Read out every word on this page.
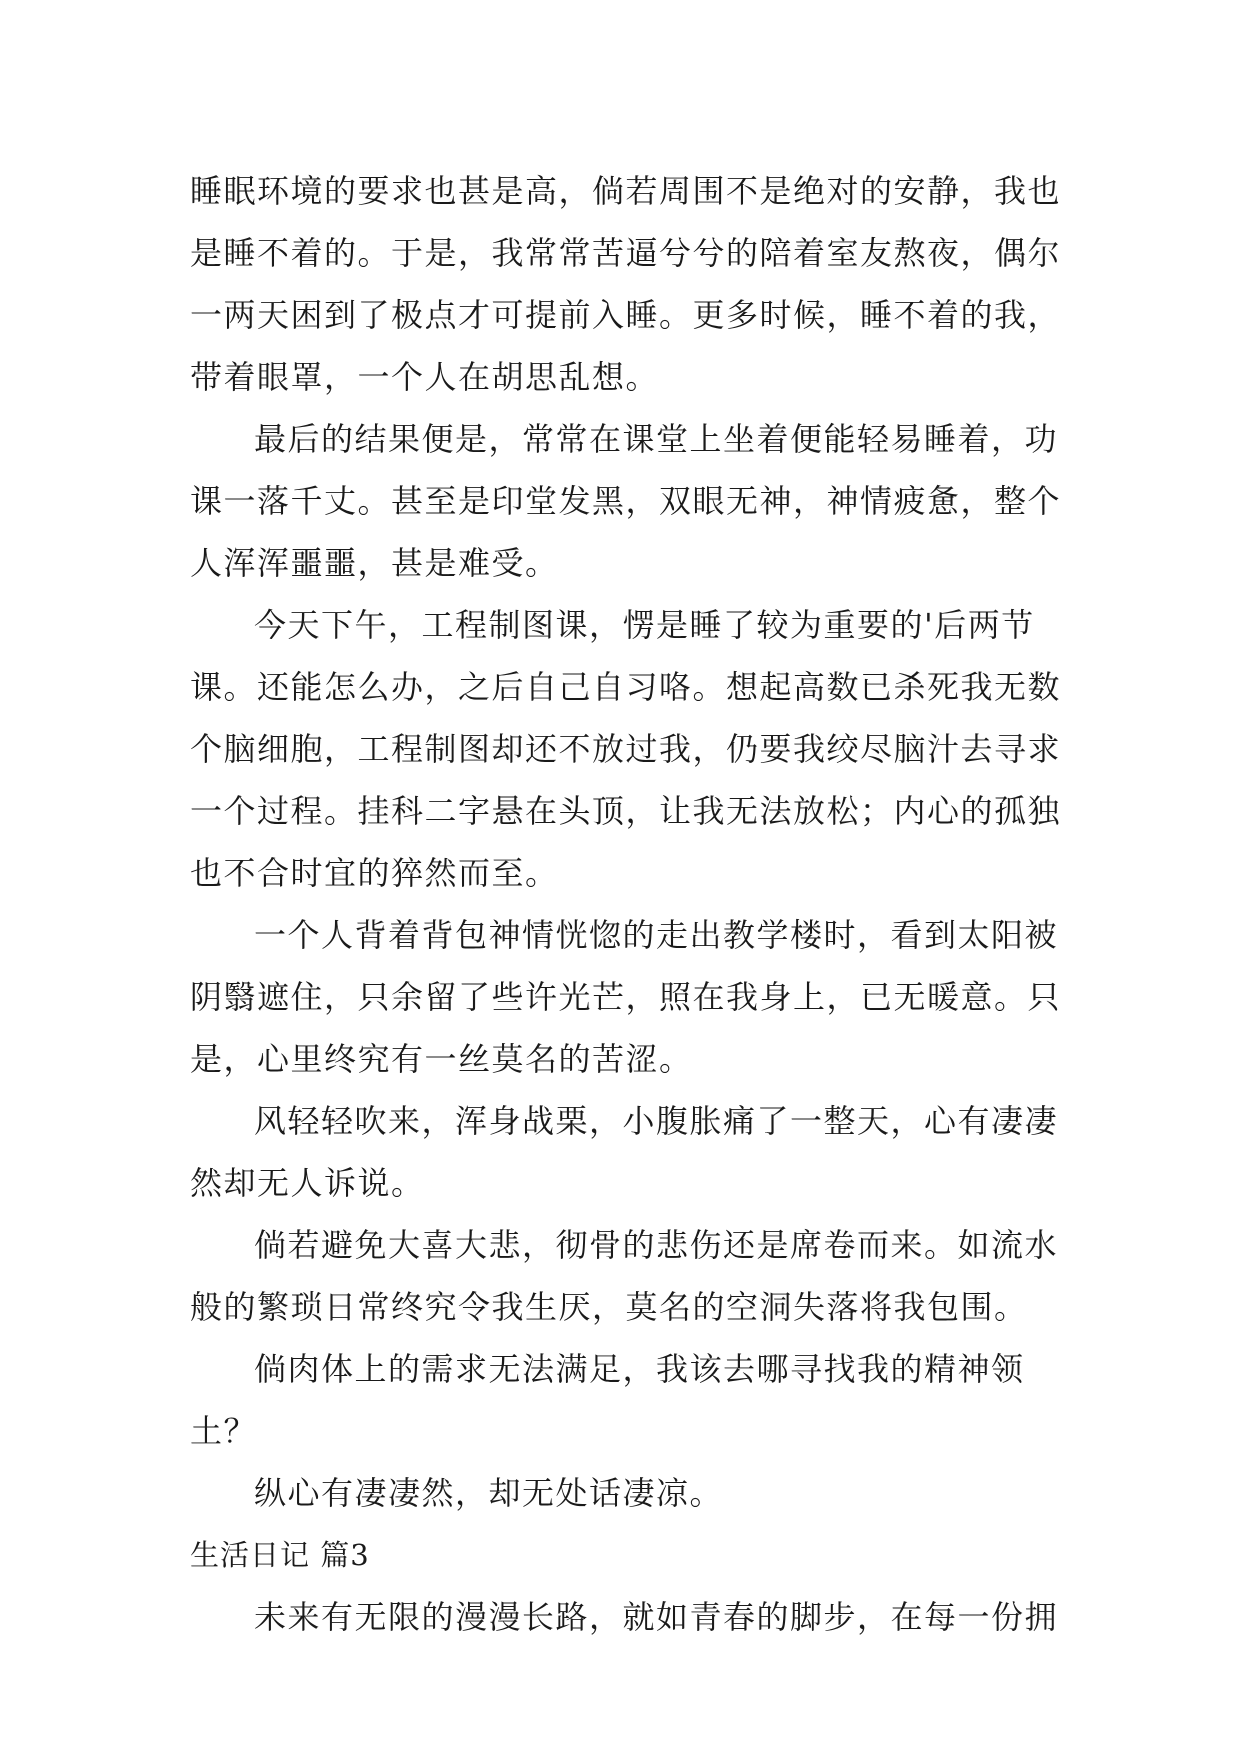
睡眠环境的要求也甚是高，倘若周围不是绝对的安静，我也
是睡不着的。于是，我常常苦逼兮兮的陪着室友熬夜，偶尔
一两天困到了极点才可提前入睡。更多时候，睡不着的我，
带着眼罩，一个人在胡思乱想。
最后的结果便是，常常在课堂上坐着便能轻易睡着，功
课一落千丈。甚至是印堂发黑，双眼无神，神情疲惫，整个
人浑浑噩噩，甚是难受。
今天下午，工程制图课，愣是睡了较为重要的'后两节
课。还能怎么办，之后自己自习咯。想起高数已杀死我无数
个脑细胞，工程制图却还不放过我，仍要我绞尽脑汁去寻求
一个过程。挂科二字悬在头顶，让我无法放松；内心的孤独
也不合时宜的猝然而至。
一个人背着背包神情恍惚的走出教学楼时，看到太阳被
阴翳遮住，只余留了些许光芒，照在我身上，已无暖意。只
是，心里终究有一丝莫名的苦涩。
风轻轻吹来，浑身战栗，小腹胀痛了一整天，心有凄凄
然却无人诉说。
倘若避免大喜大悲，彻骨的悲伤还是席卷而来。如流水
般的繁琐日常终究令我生厌，莫名的空洞失落将我包围。
倘肉体上的需求无法满足，我该去哪寻找我的精神领
土？
纵心有凄凄然，却无处话凄凉。
生活日记 篇3
未来有无限的漫漫长路，就如青春的脚步，在每一份拥
